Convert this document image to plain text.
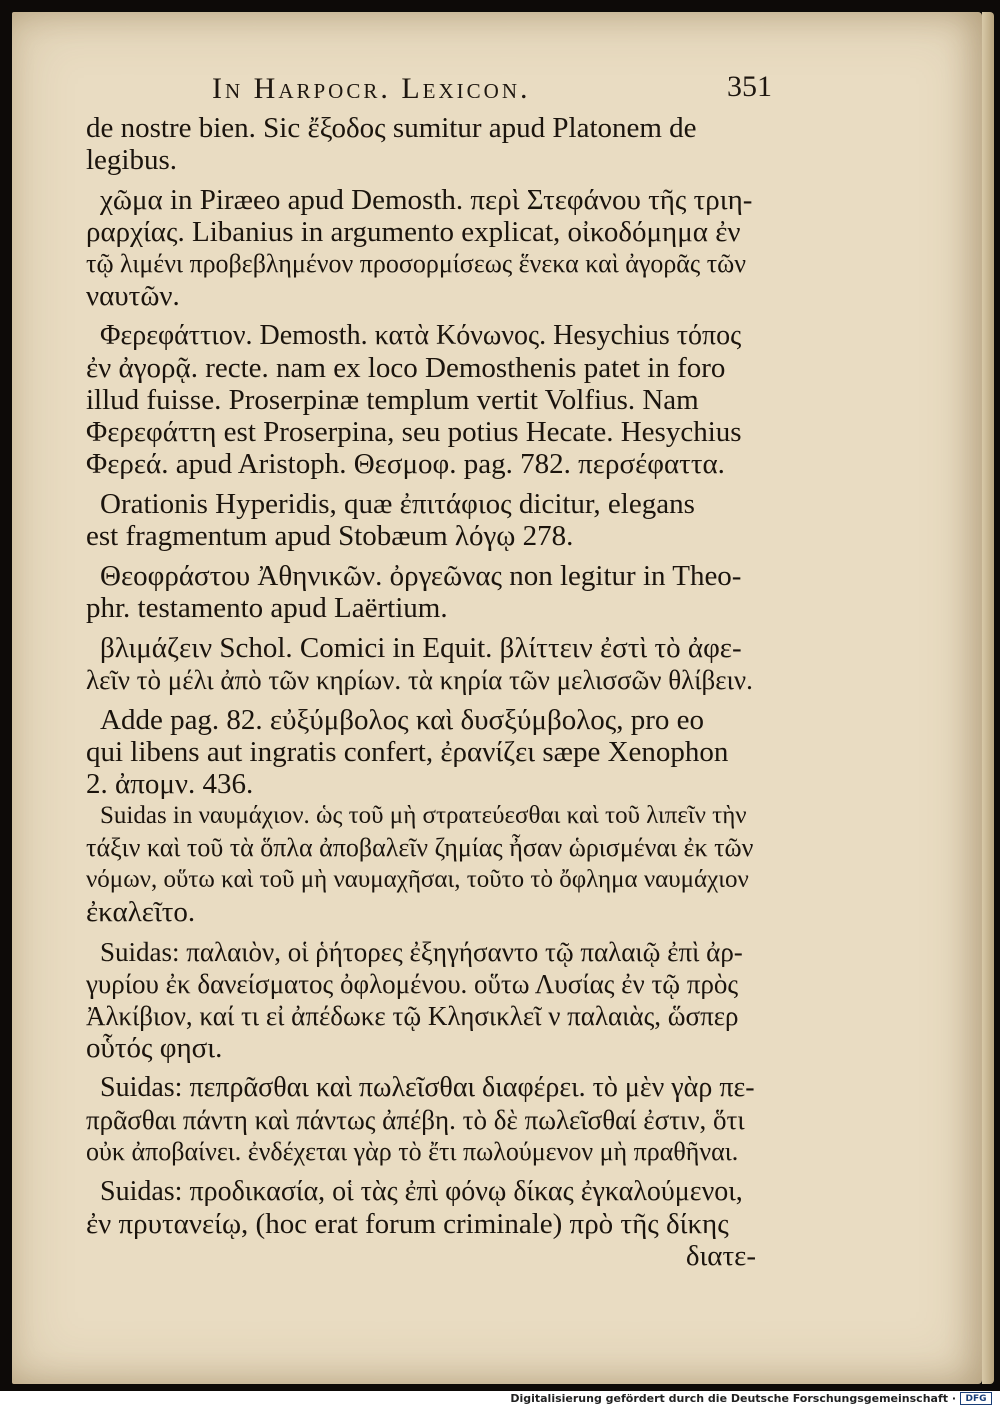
In Harpocr. Lexicon.	351
de nostre bien. Sic ἔξοδος sumitur apud Platonem de
legibus.
χῶμα in Piræeo apud Demosth. περὶ Στεφάνου τῆς τριη-
ραρχίας. Libanius in argumento explicat, οἰκοδόμημα ἐν
τῷ λιμένι προβεβλημένον προσορμίσεως ἕνεκα καὶ ἀγορᾶς τῶν
ναυτῶν.
Φερεφάττιον. Demosth. κατὰ Κόνωνος. Hesychius τόπος
ἐν ἀγορᾷ. recte. nam ex loco Demosthenis patet in foro
illud fuisse. Proserpinæ templum vertit Volfius. Nam
Φερεφάττη est Proserpina, seu potius Hecate. Hesychius
Φερεά. apud Aristoph. Θεσμοφ. pag. 782. περσέφαττα.
Orationis Hyperidis, quæ ἐπιτάφιος dicitur, elegans
est fragmentum apud Stobæum λόγῳ 278.
Θεοφράστου Ἀθηνικῶν. ὀργεῶνας non legitur in Theo-
phr. testamento apud Laërtium.
βλιμάζειν Schol. Comici in Equit. βλίττειν ἐστὶ τὸ ἀφε-
λεῖν τὸ μέλι ἀπὸ τῶν κηρίων. τὰ κηρία τῶν μελισσῶν θλίβειν.
Adde pag. 82. εὐξύμβολος καὶ δυσξύμβολος, pro eo
qui libens aut ingratis confert, ἐρανίζει sæpe Xenophon
2. ἀπομν. 436.
Suidas in ναυμάχιον. ὡς τοῦ μὴ στρατεύεσθαι καὶ τοῦ λιπεῖν τὴν
τάξιν καὶ τοῦ τὰ ὅπλα ἀποβαλεῖν ζημίας ἦσαν ὡρισμέναι ἐκ τῶν
νόμων, οὕτω καὶ τοῦ μὴ ναυμαχῆσαι, τοῦτο τὸ ὄφλημα ναυμάχιον
ἐκαλεῖτο.
Suidas: παλαιὸν, οἱ ῥήτορες ἐξηγήσαντο τῷ παλαιῷ ἐπὶ ἀρ-
γυρίου ἐκ δανείσματος ὀφλομένου. οὕτω Λυσίας ἐν τῷ πρὸς
Ἀλκίβιον, καί τι εἰ ἀπέδωκε τῷ Κλησικλεῖ ν παλαιὰς, ὥσπερ
οὗτός φησι.
Suidas: πεπρᾶσθαι καὶ πωλεῖσθαι διαφέρει. τὸ μὲν γὰρ πε-
πρᾶσθαι πάντη καὶ πάντως ἀπέβη. τὸ δὲ πωλεῖσθαί ἐστιν, ὅτι
οὐκ ἀποβαίνει. ἐνδέχεται γὰρ τὸ ἔτι πωλούμενον μὴ πραθῆναι.
Suidas: προδικασία, οἱ τὰς ἐπὶ φόνῳ δίκας ἐγκαλούμενοι,
ἐν πρυτανείῳ, (hoc erat forum criminale) πρὸ τῆς δίκης
διατε-
Digitalisierung gefördert durch die Deutsche Forschungsgemeinschaft ·	DFG
